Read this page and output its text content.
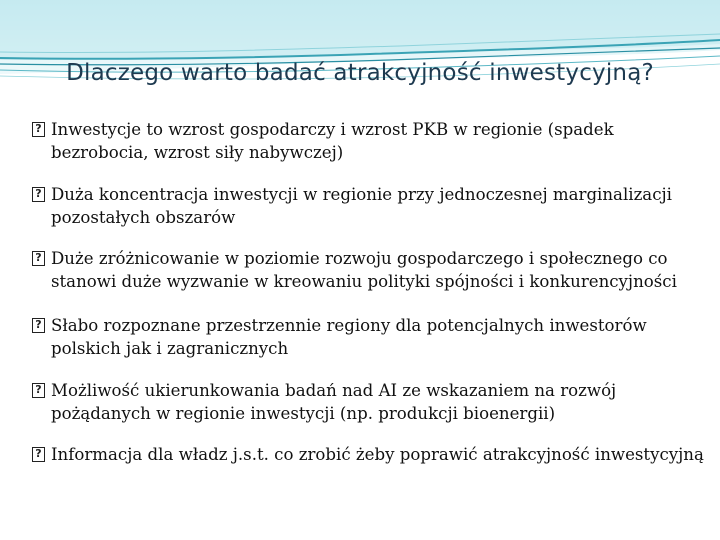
Dlaczego warto badać atrakcyjność inwestycyjną?
?
Inwestycje to wzrost gospodarczy i wzrost PKB w regionie (spadek bezrobocia, wzrost siły nabywczej)
?
Duża koncentracja inwestycji w regionie przy jednoczesnej marginalizacji pozostałych obszarów
?
Duże zróżnicowanie w poziomie rozwoju gospodarczego i społecznego co stanowi duże wyzwanie w kreowaniu polityki spójności i konkurencyjności
?
Słabo rozpoznane przestrzennie regiony dla potencjalnych inwestorów polskich jak i zagranicznych
?
Możliwość ukierunkowania badań nad AI ze wskazaniem na rozwój pożądanych w regionie inwestycji (np. produkcji bioenergii)
?
Informacja dla władz j.s.t. co zrobić żeby poprawić atrakcyjność inwestycyjną
